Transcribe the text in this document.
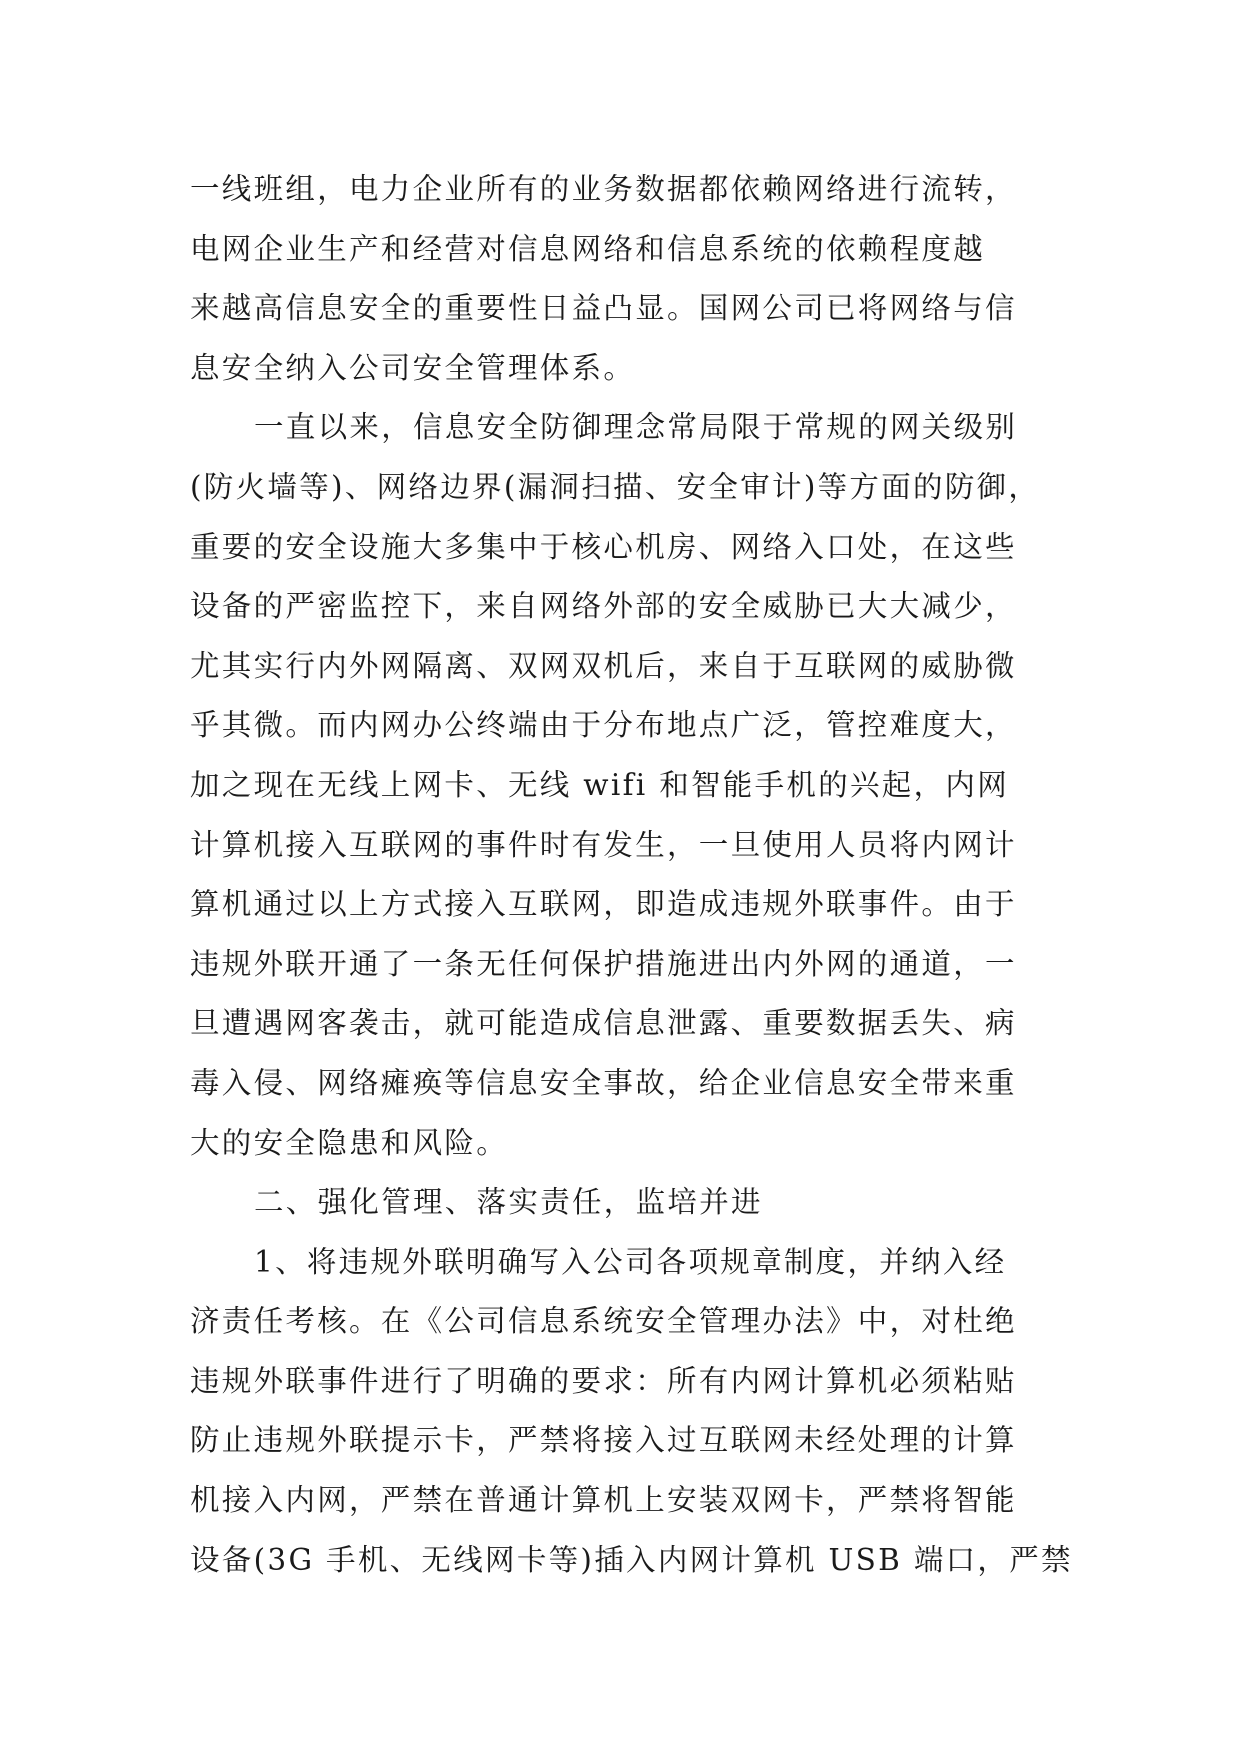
一线班组，电力企业所有的业务数据都依赖网络进行流转，
电网企业生产和经营对信息网络和信息系统的依赖程度越
来越高信息安全的重要性日益凸显。国网公司已将网络与信
息安全纳入公司安全管理体系。
一直以来，信息安全防御理念常局限于常规的网关级别
(防火墙等)、网络边界(漏洞扫描、安全审计)等方面的防御，
重要的安全设施大多集中于核心机房、网络入口处，在这些
设备的严密监控下，来自网络外部的安全威胁已大大减少，
尤其实行内外网隔离、双网双机后，来自于互联网的威胁微
乎其微。而内网办公终端由于分布地点广泛，管控难度大，
加之现在无线上网卡、无线 wifi 和智能手机的兴起，内网
计算机接入互联网的事件时有发生，一旦使用人员将内网计
算机通过以上方式接入互联网，即造成违规外联事件。由于
违规外联开通了一条无任何保护措施进出内外网的通道，一
旦遭遇网客袭击，就可能造成信息泄露、重要数据丢失、病
毒入侵、网络瘫痪等信息安全事故，给企业信息安全带来重
大的安全隐患和风险。
二、强化管理、落实责任，监培并进
1、将违规外联明确写入公司各项规章制度，并纳入经
济责任考核。在《公司信息系统安全管理办法》中，对杜绝
违规外联事件进行了明确的要求：所有内网计算机必须粘贴
防止违规外联提示卡，严禁将接入过互联网未经处理的计算
机接入内网，严禁在普通计算机上安装双网卡，严禁将智能
设备(3G 手机、无线网卡等)插入内网计算机 USB 端口，严禁
